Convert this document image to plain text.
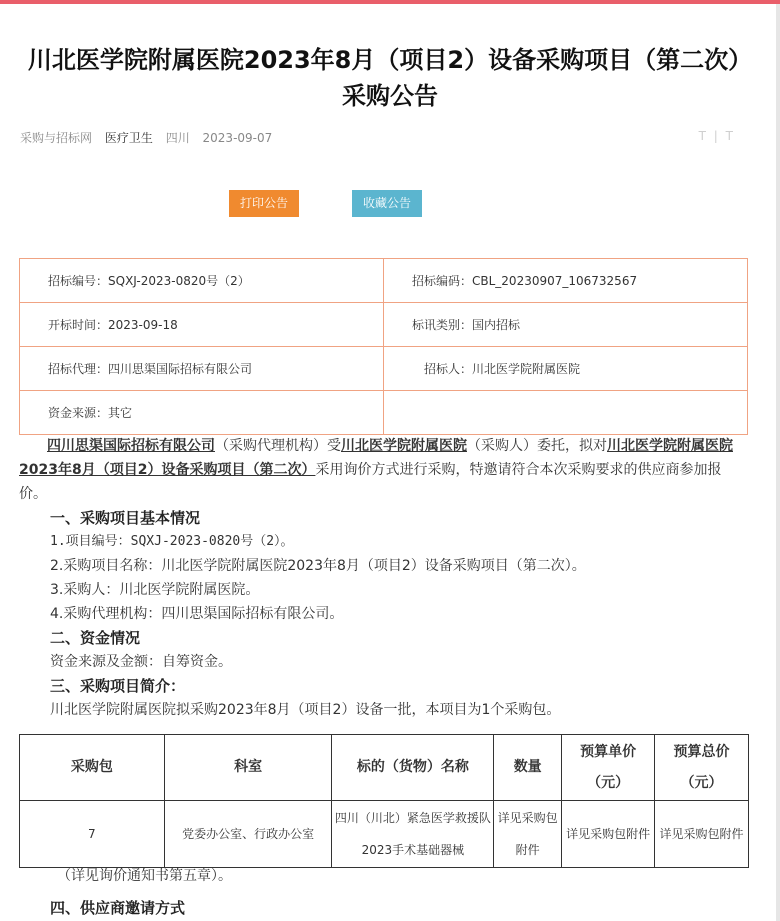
川北医学院附属医院2023年8月（项目2）设备采购项目（第二次）采购公告
采购与招标网 医疗卫生 四川 2023-09-07	T | T
打印公告	收藏公告
招标编号：SQXJ-2023-0820号（2）	招标编码：CBL_20230907_106732567
开标时间：2023-09-18	标讯类别：国内招标
招标代理：四川思渠国际招标有限公司	招标人：川北医学院附属医院
资金来源：其它	

四川思渠国际招标有限公司（采购代理机构）受川北医学院附属医院（采购人）委托，拟对川北医学院附属医院2023年8月（项目2）设备采购项目（第二次）采用询价方式进行采购，特邀请符合本次采购要求的供应商参加报价。

一、采购项目基本情况

1.项目编号：SQXJ-2023-0820号（2）。

2.采购项目名称：川北医学院附属医院2023年8月（项目2）设备采购项目（第二次）。

3.采购人：川北医学院附属医院。

4.采购代理机构：四川思渠国际招标有限公司。

二、资金情况

资金来源及金额：自筹资金。

三、采购项目简介：

川北医学院附属医院拟采购2023年8月（项目2）设备一批，本项目为1个采购包。

采购包	科室	标的（货物）名称	数量	预算单价（元）	预算总价（元）
7	党委办公室、行政办公室	四川（川北）紧急医学救援队2023手术基础器械	详见采购包附件	详见采购包附件	详见采购包附件

（详见询价通知书第五章）。

四、供应商邀请方式
